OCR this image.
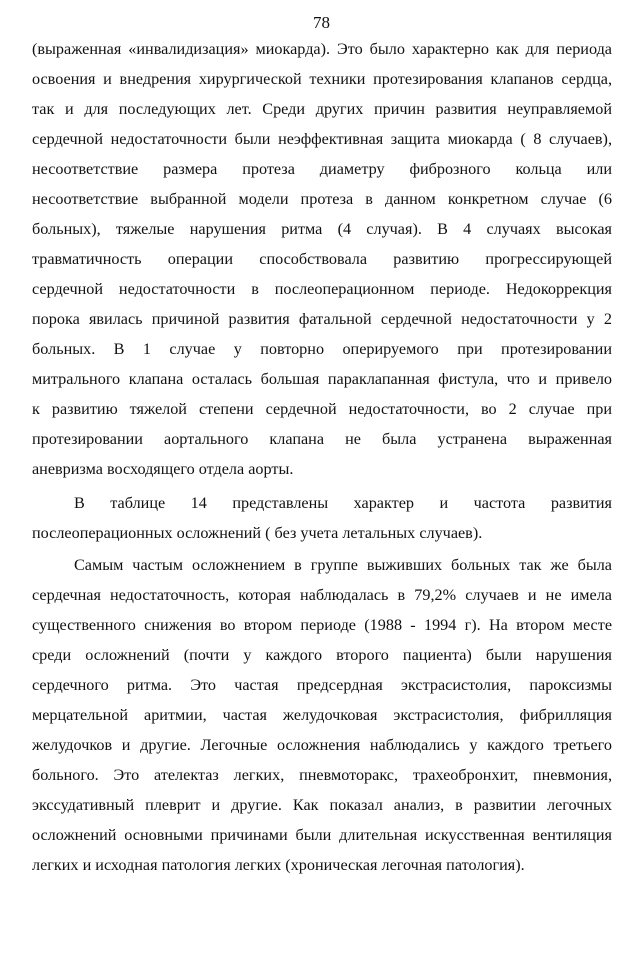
78
(выраженная «инвалидизация» миокарда). Это было характерно как для периода
освоения и внедрения хирургической техники протезирования клапанов сердца,
так и для последующих лет. Среди других причин развития неуправляемой
сердечной недостаточности были неэффективная защита миокарда ( 8 случаев),
несоответствие размера протеза диаметру фиброзного кольца или
несоответствие выбранной модели протеза в данном конкретном случае (6
больных), тяжелые нарушения ритма (4 случая). В 4 случаях высокая
травматичность операции способствовала развитию прогрессирующей
сердечной недостаточности в послеоперационном периоде. Недокоррекция
порока явилась причиной развития фатальной сердечной недостаточности у 2
больных. В 1 случае у повторно оперируемого при протезировании
митрального клапана осталась большая параклапанная фистула, что и привело
к развитию тяжелой степени сердечной недостаточности, во 2 случае при
протезировании аортального клапана не была устранена выраженная
аневризма восходящего отдела аорты.
В таблице 14 представлены характер и частота развития
послеоперационных осложнений ( без учета летальных случаев).
Самым частым осложнением в группе выживших больных так же была
сердечная недостаточность, которая наблюдалась в 79,2% случаев и не имела
существенного снижения во втором периоде (1988 - 1994 г). На втором месте
среди осложнений (почти у каждого второго пациента) были нарушения
сердечного ритма. Это частая предсердная экстрасистолия, пароксизмы
мерцательной аритмии, частая желудочковая экстрасистолия, фибрилляция
желудочков и другие. Легочные осложнения наблюдались у каждого третьего
больного. Это ателектаз легких, пневмоторакс, трахеобронхит, пневмония,
экссудативный плеврит и другие. Как показал анализ, в развитии легочных
осложнений основными причинами были длительная искусственная вентиляция
легких и исходная патология легких (хроническая легочная патология).
